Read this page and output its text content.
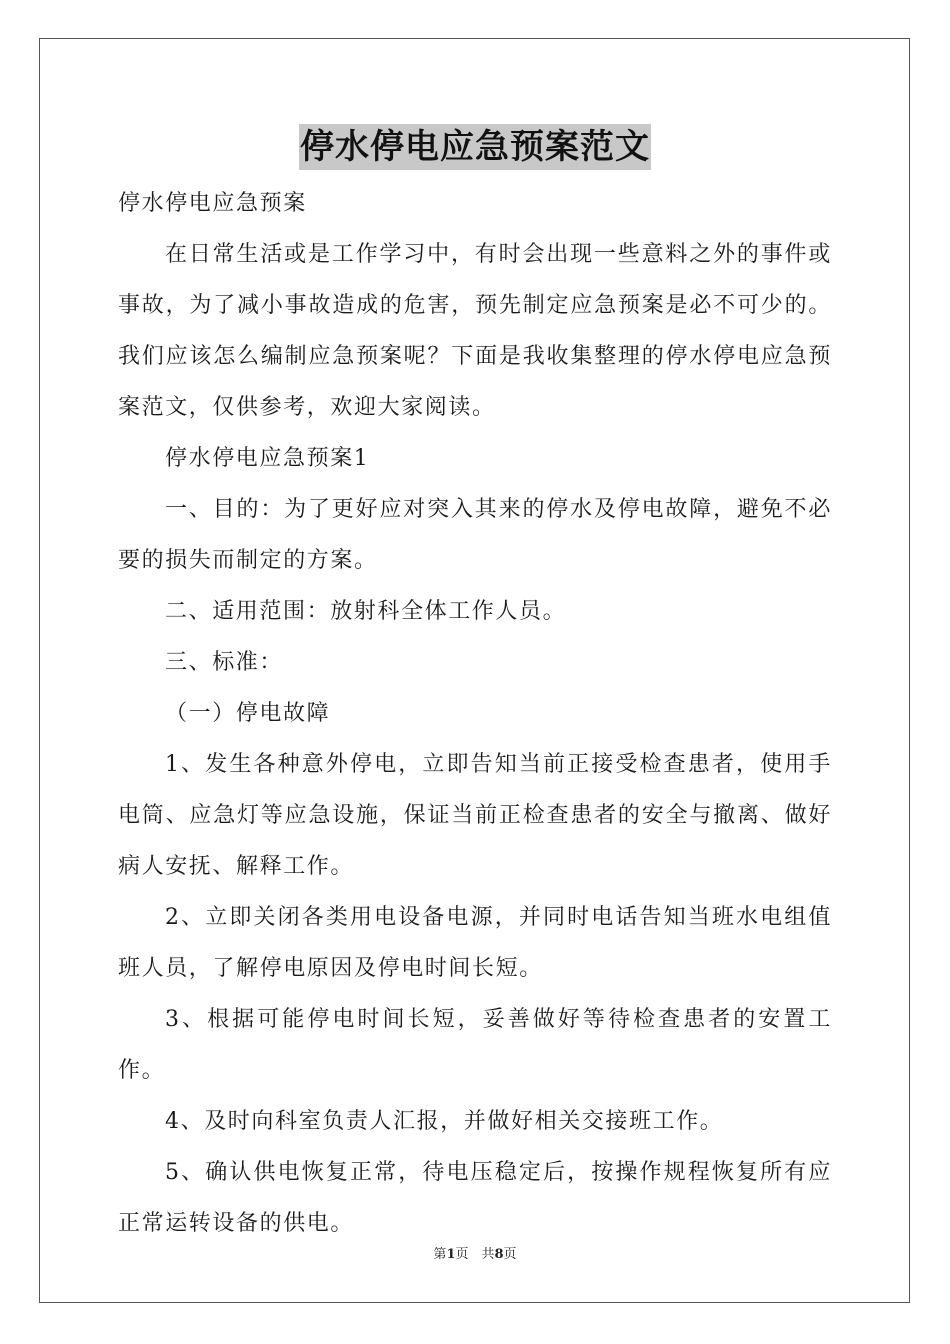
停水停电应急预案范文

停水停电应急预案

在日常生活或是工作学习中，有时会出现一些意料之外的事件或事故，为了减小事故造成的危害，预先制定应急预案是必不可少的。我们应该怎么编制应急预案呢？下面是我收集整理的停水停电应急预案范文，仅供参考，欢迎大家阅读。

停水停电应急预案1

一、目的：为了更好应对突入其来的停水及停电故障，避免不必要的损失而制定的方案。

二、适用范围：放射科全体工作人员。

三、标准：

（一）停电故障

1、发生各种意外停电，立即告知当前正接受检查患者，使用手电筒、应急灯等应急设施，保证当前正检查患者的安全与撤离、做好病人安抚、解释工作。

2、立即关闭各类用电设备电源，并同时电话告知当班水电组值班人员，了解停电原因及停电时间长短。

3、根据可能停电时间长短，妥善做好等待检查患者的安置工作。

4、及时向科室负责人汇报，并做好相关交接班工作。

5、确认供电恢复正常，待电压稳定后，按操作规程恢复所有应正常运转设备的供电。

第1页　共8页
